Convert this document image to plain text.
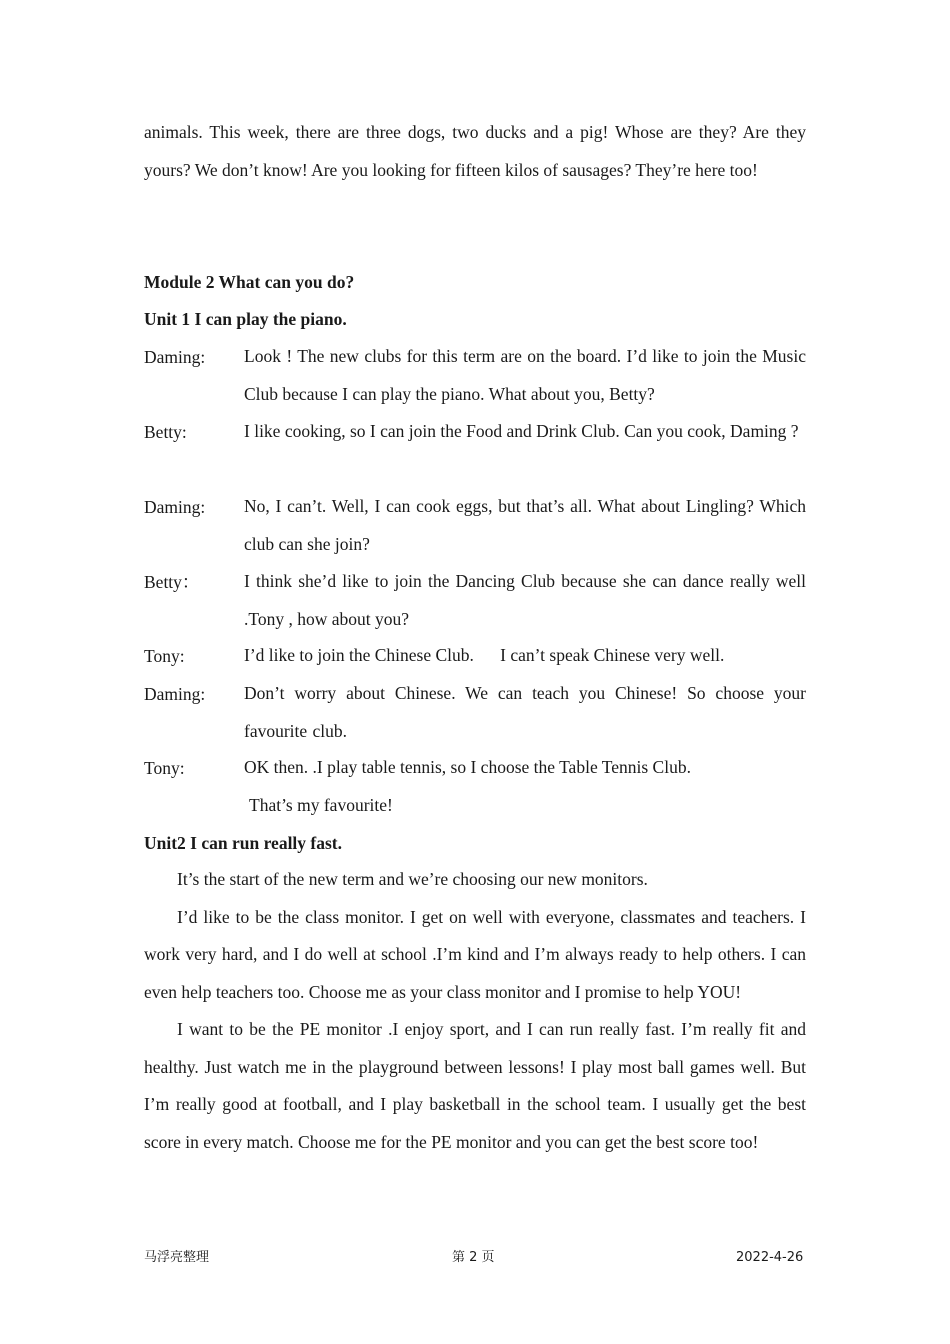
animals. This week, there are three dogs, two ducks and a pig! Whose are they? Are they yours? We don’t know! Are you looking for fifteen kilos of sausages? They’re here too!

Module 2 What can you do?

Unit 1 I can play the piano.

Daming: Look ! The new clubs for this term are on the board. I’d like to join the Music Club because I can play the piano. What about you, Betty?

Betty:	I like cooking, so I can join the Food and Drink Club. Can you cook, Daming ?

Daming: No, I can’t. Well, I can cook eggs, but that’s all. What about Lingling? Which club can she join?

Betty：	I think she’d like to join the Dancing Club because she can dance really well .Tony , how about you?

Tony:	I’d like to join the Chinese Club.      I can’t speak Chinese very well.

Daming: Don’t worry about Chinese. We can teach you Chinese! So choose your favourite club.

Tony:	OK then. .I play table tennis, so I choose the Table Tennis Club.

That’s my favourite!

Unit2 I can run really fast.

It’s the start of the new term and we’re choosing our new monitors.

I’d like to be the class monitor. I get on well with everyone, classmates and teachers. I work very hard, and I do well at school .I’m kind and I’m always ready to help others. I can even help teachers too. Choose me as your class monitor and I promise to help YOU!

I want to be the PE monitor .I enjoy sport, and I can run really fast. I’m really fit and healthy. Just watch me in the playground between lessons! I play most ball games well. But I’m really good at football, and I play basketball in the school team. I usually get the best score in every match. Choose me for the PE monitor and you can get the best score too!

马浮亮整理	第 2 页	2022-4-26
